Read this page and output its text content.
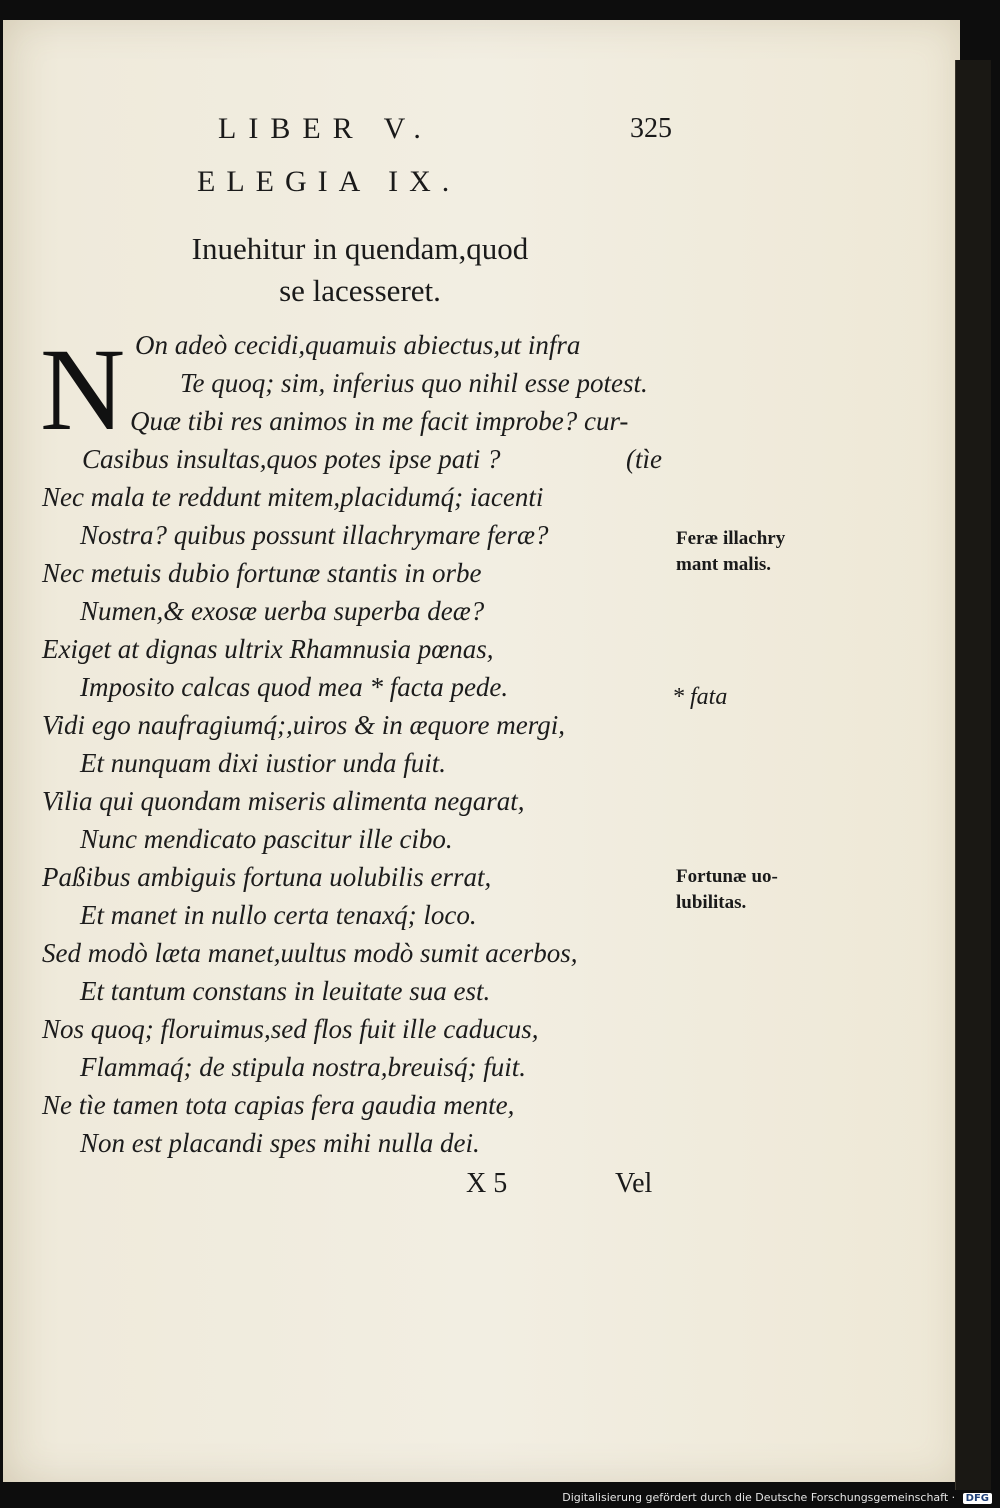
LIBER V.	325
ELEGIA IX.
Inuehitur in quendam,quod
se lacesseret.
N On adeò cecidi,quamuis abiectus,ut infra
Te quoq; sim, inferius quo nihil esse potest.
Quæ tibi res animos in me facit improbe? cur-
Casibus insultas,quos potes ipse pati ?
Nec mala te reddunt mitem,placidumq́; iacenti
Nostra? quibus possunt illachrymare feræ?
Nec metuis dubio fortunæ stantis in orbe
Numen,& exosæ uerba superba deæ?
Exiget at dignas ultrix Rhamnusia pœnas,
Imposito calcas quod mea * facta pede.
Vidi ego naufragiumq́;,uiros & in æquore mergi,
Et nunquam dixi iustior unda fuit.
Vilia qui quondam miseris alimenta negarat,
Nunc mendicato pascitur ille cibo.
Paßibus ambiguis fortuna uolubilis errat,
Et manet in nullo certa tenaxq́; loco.
Sed modò læta manet,uultus modò sumit acerbos,
Et tantum constans in leuitate sua est.
Nos quoq; floruimus,sed flos fuit ille caducus,
Flammaq́; de stipula nostra,breuisq́; fuit.
Ne tìe tamen tota capias fera gaudia mente,
Non est placandi spes mihi nulla dei.
(tìe
Feræ illachry
mant malis.
* fata
Fortunæ uo-
lubilitas.
X 5	Vel
Digitalisierung gefördert durch die Deutsche Forschungsgemeinschaft · DFG
